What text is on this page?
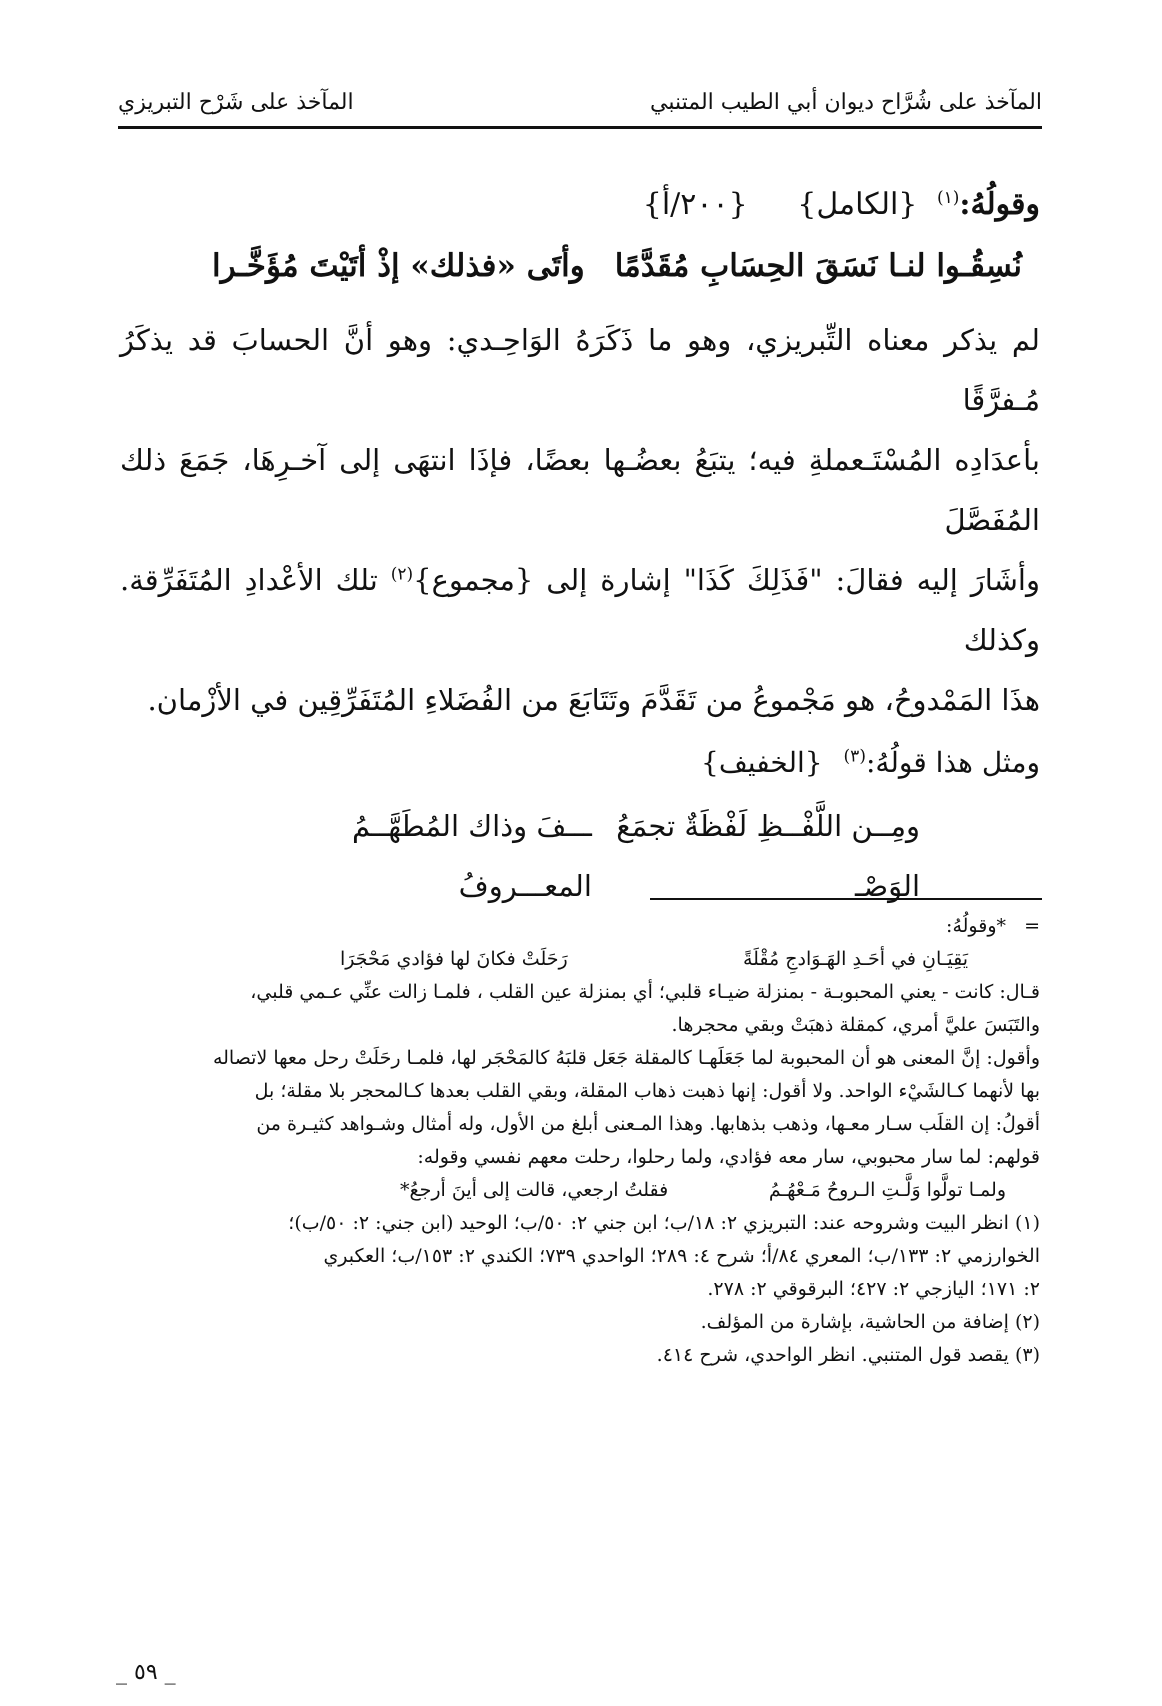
المآخذ على شُرَّاح ديوان أبي الطيب المتنبي
المآخذ على شَرْح التبريزي
وقولُهُ:$^{(١)}$ {الكامل} {٢٠٠/أ}
نُسِقُـوا لنـا نَسَقَ الحِسَابِ مُقَدَّمًا
وأتَى «فذلك» إذْ أتَيْتَ مُؤَخَّـرا

لم يذكر معناه التِّبريزي، وهو ما ذَكَرَهُ الوَاحِـدي: وهو أنَّ الحسابَ قد يذكَرُ مُـفرَّقًا

بأعدَادِه المُسْتَـعملةِ فيه؛ يتبَعُ بعضُـها بعضًا، فإذَا انتهَى إلى آخـرِهَا، جَمَعَ ذلك المُفَصَّلَ

وأشَارَ إليه فقالَ: "فَذَلِكَ كَذَا" إشارة إلى {مجموع}$^{(٢)}$ تلك الأعْدادِ المُتَفَرِّقة. وكذلك

هذَا المَمْدوحُ، هو مَجْموعُ من تَقَدَّمَ وتَتَابَعَ من الفُضَلاءِ المُتَفَرِّقِين في الأزْمان.

ومثل هذا قولُهُ:$^{(٣)}$ {الخفيف}
ومِــن اللَّفْــظِ لَفْظَةٌ تجمَعُ الوَصْـ
ـــفَ وذاك المُطَهَّــمُ المعـــروفُ

=*وقولُهُ:

يَقِيَـانِ في أحَـدِ الهَـوَادجِ مُقْلَةً
رَحَلَتْ فكانَ لها فؤادي مَحْجَرَا

قـال: كانت - يعني المحبوبـة - بمنزلة ضيـاء قلبي؛ أي بمنزلة عين القلب ، فلمـا زالت عنِّي عـمي قلبي،

والتَبَسَ عليَّ أمري، كمقلة ذهبَتْ وبقي محجرها.

وأقول: إنَّ المعنى هو أن المحبوبة لما جَعَلَهـا كالمقلة جَعَل قلبَهُ كالمَحْجَر لها، فلمـا رحَلَتْ رحل معها لاتصاله

بها لأنهما كـالشَيْء الواحد. ولا أقول: إنها ذهبت ذهاب المقلة، وبقي القلب بعدها كـالمحجر بلا مقلة؛ بل

أقولُ: إن القلَب سـار معـها، وذهب بذهابها. وهذا المـعنى أبلغ من الأول، وله أمثال وشـواهد كثيـرة من

قولهم: لما سار محبوبي، سار معه فؤادي، ولما رحلوا، رحلت معهم نفسي وقوله:

ولمـا تولَّوا وَلَّـتِ الـروحُ مَـعْهُـمُ
فقلتُ ارجعي، قالت إلى أينَ أرجعُ*

(١)انظر البيت وشروحه عند: التبريزي ٢: ١٨/ب؛ ابن جني ٢: ٥٠/ب؛ الوحيد (ابن جني: ٢: ٥٠/ب)؛

الخوارزمي ٢: ١٣٣/ب؛ المعري ٨٤/أ؛ شرح ٤: ٢٨٩؛ الواحدي ٧٣٩؛ الكندي ٢: ١٥٣/ب؛ العكبري

٢: ١٧١؛ اليازجي ٢: ٤٢٧؛ البرقوقي ٢: ٢٧٨.

(٢)إضافة من الحاشية، بإشارة من المؤلف.

(٣)يقصد قول المتنبي. انظر الواحدي، شرح ٤١٤.

_ ٥٩ _
